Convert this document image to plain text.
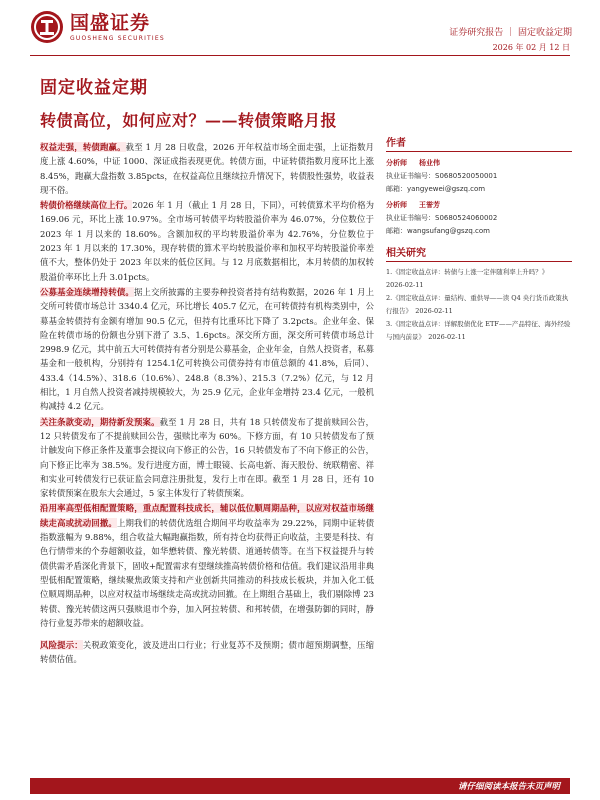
国盛证券
GUOSHENG SECURITIES	证券研究报告 ｜ 固定收益定期
2026 年 02 月 12 日
固定收益定期
转债高位，如何应对？——转债策略月报

权益走强，转债跑赢。截至 1 月 28 日收盘，2026 开年权益市场全面走强，上证指数月度上涨 4.60%，中证 1000、深证成指表现更优。转债方面，中证转债指数月度环比上涨 8.45%，跑赢大盘指数 3.85pcts，在权益高位且继续拉升情况下，转债股性强势，收益表现不俗。

转债价格继续高位上行。2026 年 1 月（截止 1 月 28 日，下同），可转债算术平均价格为 169.06 元，环比上涨 10.97%。全市场可转债平均转股溢价率为 46.07%，分位数位于 2023 年 1 月以来的 18.60%。含额加权的平均转股溢价率为 42.76%，分位数位于 2023 年 1 月以来的 17.30%，现存转债的算术平均转股溢价率和加权平均转股溢价率差值不大，整体仍处于 2023 年以来的低位区间。与 12 月底数据相比，本月转债的加权转股溢价率环比上升 3.01pcts。

公募基金连续增持转债。据上交所披露的主要券种投资者持有结构数据，2026 年 1 月上交所可转债市场总计 3340.4 亿元，环比增长 405.7 亿元，在可转债持有机构类别中，公募基金转债持有金额有增加 90.5 亿元，但持有比重环比下降了 3.2pcts。企业年金、保险在转债市场的份额也分别下滑了 3.5、1.6pcts。深交所方面，深交所可转债市场总计 2998.9 亿元，其中前五大可转债持有者分别是公募基金，企业年金，自然人投资者，私募基金和一般机构，分别持有 1254.1亿可转换公司债券持有市值总额的 41.8%，后同）、433.4（14.5%）、318.6（10.6%）、248.8（8.3%）、215.3（7.2%）亿元，与 12 月相比，1 月自然人投资者减持规模较大，为 25.9 亿元，企业年金增持 23.4 亿元，一般机构减持 4.2 亿元。

关注条款变动，期待新发预案。截至 1 月 28 日，共有 18 只转债发布了提前赎回公告，12 只转债发布了不提前赎回公告，强赎比率为 60%。下修方面，有 10 只转债发布了预计触发向下修正条件及董事会提议向下修正的公告，16 只转债发布了不向下修正的公告，向下修正比率为 38.5%。发行进度方面，博士眼镜、长高电新、海天股份、统联精密、祥和实业可转债发行已获证监会同意注册批复，发行上市在即。截至 1 月 28 日，还有 10 家转债预案在股东大会通过，5 家主体发行了转债预案。

沿用率高型低相配置策略，重点配置科技成长，辅以低位顺周期品种，以应对权益市场继续走高或扰动回撤。上期我们的转债优选组合期间平均收益率为 29.22%，同期中证转债指数涨幅为 9.88%，组合收益大幅跑赢指数，所有持仓均获得正向收益，主要是科技、有色行情带来的个券超额收益，如华懋转债、豫光转债、道通转债等。在当下权益提升与转债供需矛盾深化背景下，固收+配置需求有望继续推高转债价格和估值。我们建议沿用非典型低相配置策略，继续聚焦政策支持和产业创新共同推动的科技成长板块，并加入化工低位顺周期品种，以应对权益市场继续走高或扰动回撤。在上期组合基础上，我们剔除博 23 转债、豫光转债这两只强赎退市个券，加入阿拉转债、和邦转债，在增强防御的同时，静待行业复苏带来的超额收益。

风险提示：关税政策变化，波及进出口行业；行业复苏不及预期；债市超预期调整，压缩转债估值。

作者
分析师 杨业伟
执业证书编号：S0680520050001
邮箱：yangyewei@gszq.com
分析师 王誉芳
执业证书编号：S0680524060002
邮箱：wangsufang@gszq.com
相关研究
1.《固定收益点评：转债与上涨一定伴随利率上升吗？》
2026-02-11
2.《固定收益点评：量结构、重供导——读 Q4 央行货币政策执行报告》　2026-02-11
3.《固定收益点评：详解股债优化 ETF——产品特征、海外经验与国内前景》　2026-02-11
请仔细阅读本报告末页声明
